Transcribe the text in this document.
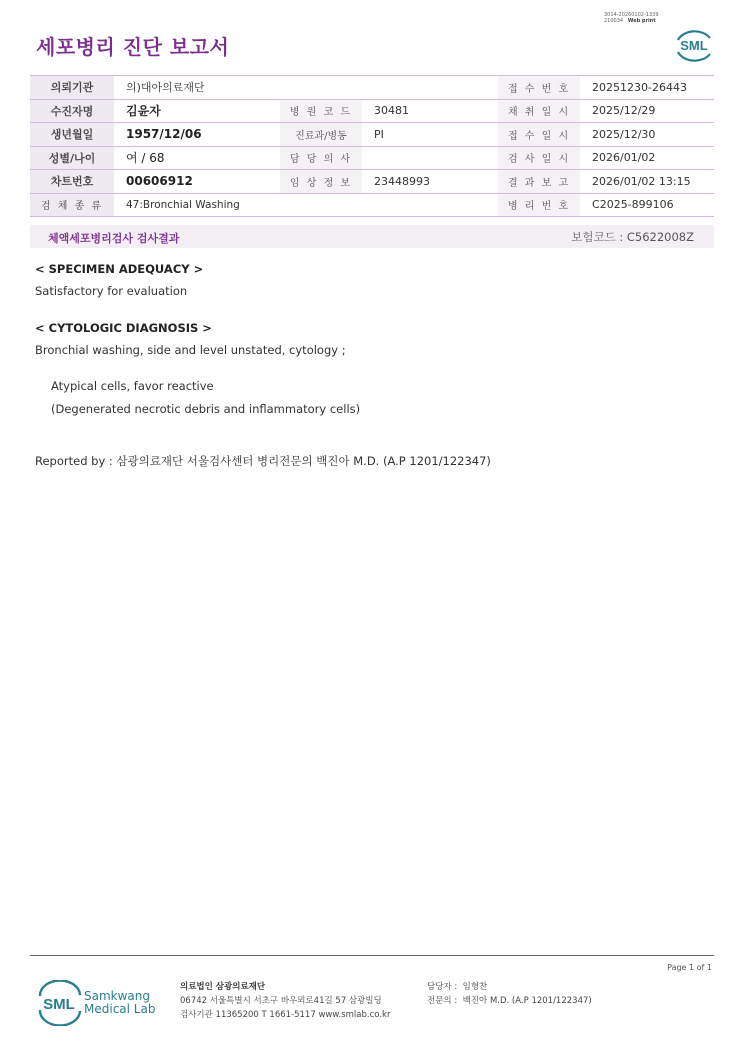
세포병리 진단 보고서
3014-20260102-1339
210034 Web print
SML
의뢰기관	의)대아의료재단			접 수 번 호	20251230-26443
수진자명	김윤자	병 원 코 드	30481	채 취 일 시	2025/12/29
생년월일	1957/12/06	진료과/병동	PI	접 수 일 시	2025/12/30
성별/나이	여 / 68	담 당 의 사		검 사 일 시	2026/01/02
차트번호	00606912	임 상 정 보	23448993	결 과 보 고	2026/01/02 13:15
검 체 종 류	47:Bronchial Washing			병 리 번 호	C2025-899106
체액세포병리검사 검사결과	보험코드 : C5622008Z
< SPECIMEN ADEQUACY >
Satisfactory for evaluation
< CYTOLOGIC DIAGNOSIS >
Bronchial washing, side and level unstated, cytology ;
Atypical cells, favor reactive
(Degenerated necrotic debris and inflammatory cells)
Reported by : 삼광의료재단 서울검사센터 병리전문의 백진아 M.D. (A.P 1201/122347)
Page 1 of 1
SML Samkwang
Medical Lab
의료법인 삼광의료재단
06742 서울특별시 서초구 바우뫼로41길 57 삼광빌딩
검사기관 11365200 T 1661-5117 www.smlab.co.kr
담당자 : 임형찬
전문의 : 백진아 M.D. (A.P 1201/122347)
